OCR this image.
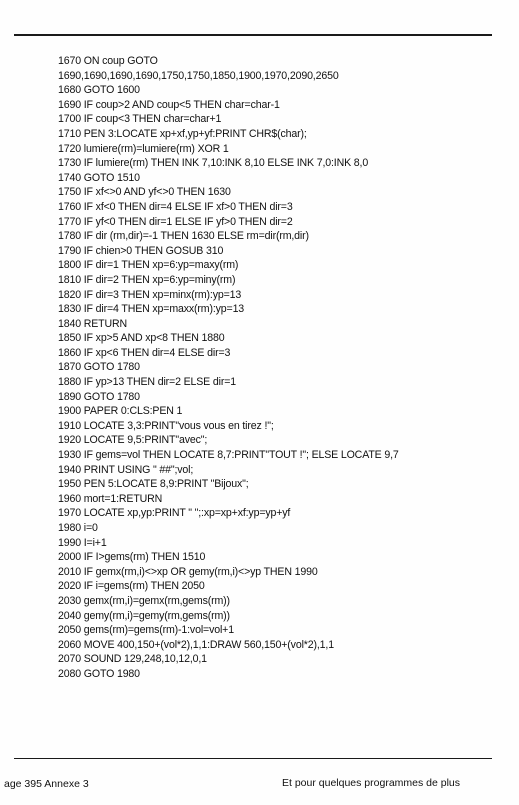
1670 ON coup GOTO
1690,1690,1690,1690,1750,1750,1850,1900,1970,2090,2650
1680 GOTO 1600
1690 IF coup>2 AND coup<5 THEN char=char-1
1700 IF coup<3 THEN char=char+1
1710 PEN 3:LOCATE xp+xf,yp+yf:PRINT CHR$(char);
1720 lumiere(rm)=lumiere(rm) XOR 1
1730 IF lumiere(rm) THEN INK 7,10:INK 8,10 ELSE INK 7,0:INK 8,0
1740 GOTO 1510
1750 IF xf<>0 AND yf<>0 THEN 1630
1760 IF xf<0 THEN dir=4 ELSE IF xf>0 THEN dir=3
1770 IF yf<0 THEN dir=1 ELSE IF yf>0 THEN dir=2
1780 IF dir (rm,dir)=-1 THEN 1630 ELSE rm=dir(rm,dir)
1790 IF chien>0 THEN GOSUB 310
1800 IF dir=1 THEN xp=6:yp=maxy(rm)
1810 IF dir=2 THEN xp=6:yp=miny(rm)
1820 IF dir=3 THEN xp=minx(rm):yp=13
1830 IF dir=4 THEN xp=maxx(rm):yp=13
1840 RETURN
1850 IF xp>5 AND xp<8 THEN 1880
1860 IF xp<6 THEN dir=4 ELSE dir=3
1870 GOTO 1780
1880 IF yp>13 THEN dir=2 ELSE dir=1
1890 GOTO 1780
1900 PAPER 0:CLS:PEN 1
1910 LOCATE 3,3:PRINT"vous vous en tirez !";
1920 LOCATE 9,5:PRINT"avec";
1930 IF gems=vol THEN LOCATE 8,7:PRINT"TOUT !"; ELSE LOCATE 9,7
1940 PRINT USING " ##";vol;
1950 PEN 5:LOCATE 8,9:PRINT "Bijoux";
1960 mort=1:RETURN
1970 LOCATE xp,yp:PRINT " ";:xp=xp+xf:yp=yp+yf
1980 i=0
1990 I=i+1
2000 IF I>gems(rm) THEN 1510
2010 IF gemx(rm,i)<>xp OR gemy(rm,i)<>yp THEN 1990
2020 IF i=gems(rm) THEN 2050
2030 gemx(rm,i)=gemx(rm,gems(rm))
2040 gemy(rm,i)=gemy(rm,gems(rm))
2050 gems(rm)=gems(rm)-1:vol=vol+1
2060 MOVE 400,150+(vol*2),1,1:DRAW 560,150+(vol*2),1,1
2070 SOUND 129,248,10,12,0,1
2080 GOTO 1980
age 395 Annexe 3	Et pour quelques programmes de plus
